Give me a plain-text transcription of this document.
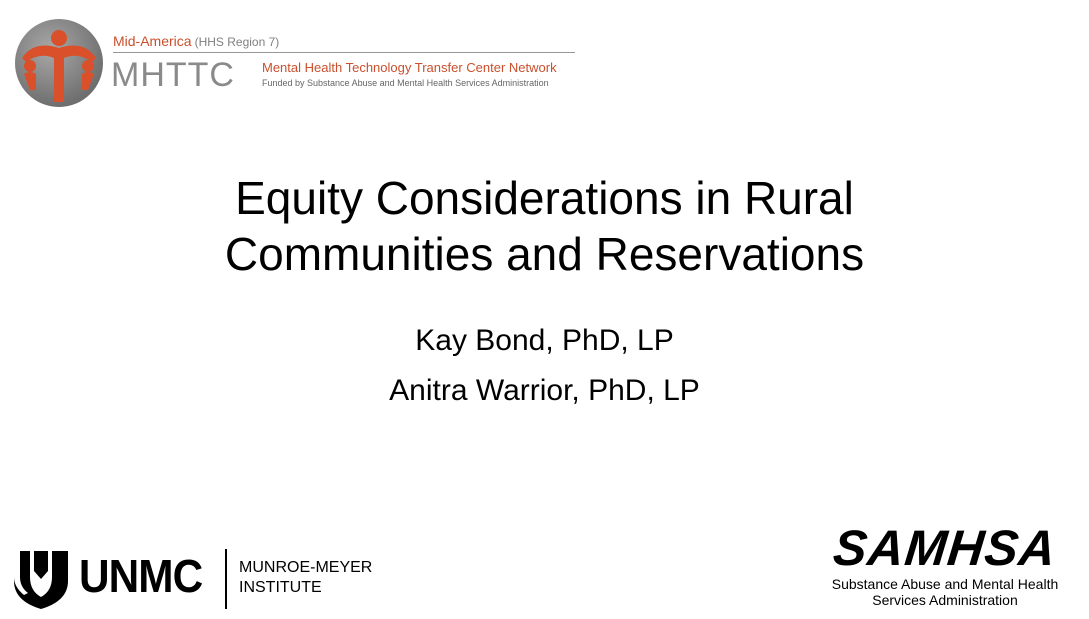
Mid-America (HHS Region 7)
MHTTC Mental Health Technology Transfer Center Network
Funded by Substance Abuse and Mental Health Services Administration
Equity Considerations in Rural
Communities and Reservations
Kay Bond, PhD, LP
Anitra Warrior, PhD, LP
UNMC MUNROE-MEYER
INSTITUTE
SAMHSA
Substance Abuse and Mental Health
Services Administration
